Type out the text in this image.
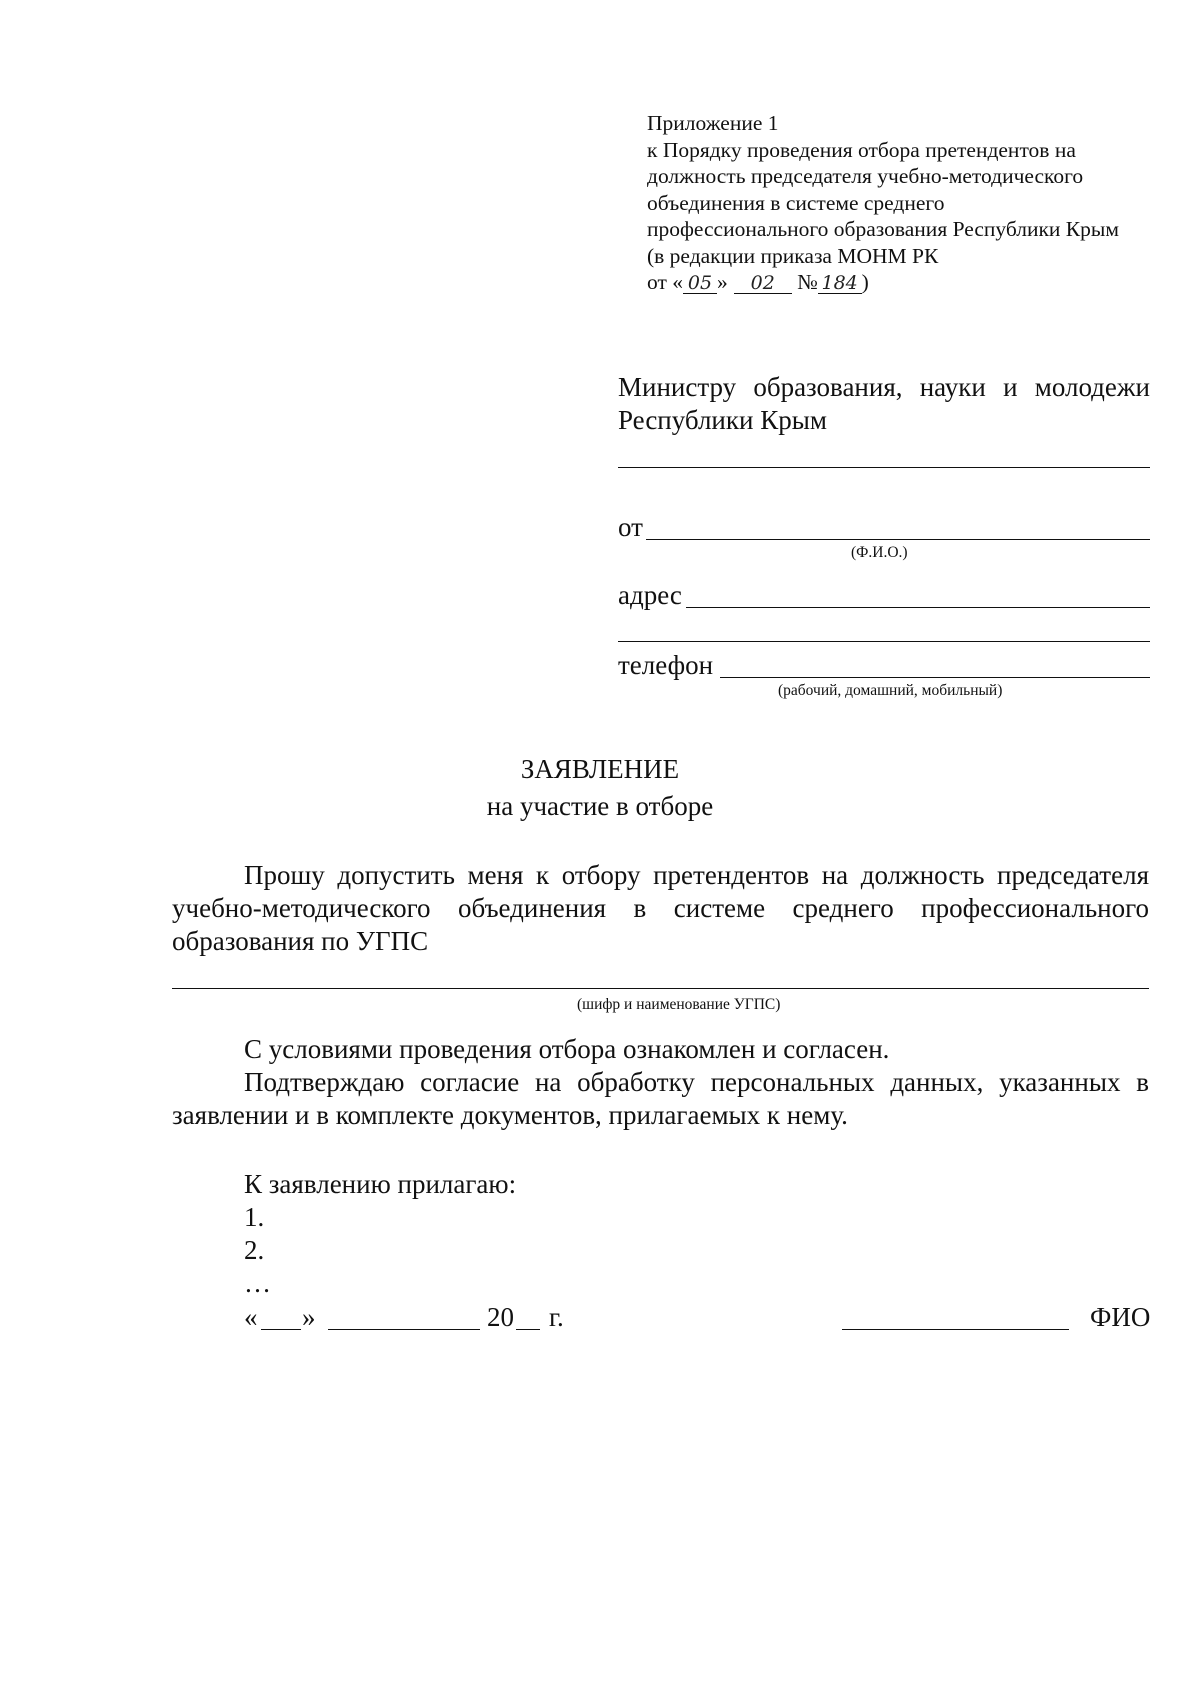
Приложение 1
к Порядку проведения отбора претендентов на
должность председателя учебно-методического
объединения в системе среднего
профессионального образования Республики Крым
(в редакции приказа МОНМ РК
от « 05 » 02 № 184 )
Министру образования, науки и молодежи Республики Крым
от
(Ф.И.О.)
адрес
телефон
(рабочий, домашний, мобильный)
ЗАЯВЛЕНИЕ
на участие в отборе

Прошу допустить меня к отбору претендентов на должность председателя учебно-методического объединения в системе среднего профессионального образования по УГПС

(шифр и наименование УГПС)

С условиями проведения отбора ознакомлен и согласен.

Подтверждаю согласие на обработку персональных данных, указанных в заявлении и в комплекте документов, прилагаемых к нему.

К заявлению прилагаю:
1.
2.
…
« »	20 г.	ФИО
